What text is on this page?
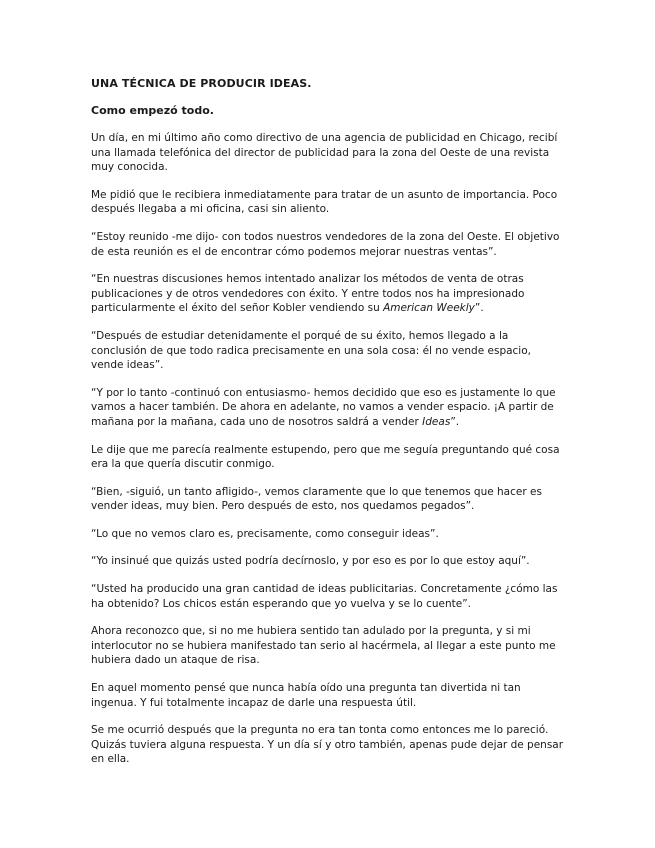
UNA TÉCNICA DE PRODUCIR IDEAS.

Como empezó todo.

Un día, en mi último año como directivo de una agencia de publicidad en Chicago, recibí una llamada telefónica del director de publicidad para la zona del Oeste de una revista muy conocida.

Me pidió que le recibiera inmediatamente para tratar de un asunto de importancia. Poco después llegaba a mi oficina, casi sin aliento.

“Estoy reunido -me dijo- con todos nuestros vendedores de la zona del Oeste. El objetivo de esta reunión es el de encontrar cómo podemos mejorar nuestras ventas”.

“En nuestras discusiones hemos intentado analizar los métodos de venta de otras publicaciones y de otros vendedores con éxito. Y entre todos nos ha impresionado particularmente el éxito del señor Kobler vendiendo su American Weekly”.

“Después de estudiar detenidamente el porqué de su éxito, hemos llegado a la conclusión de que todo radica precisamente en una sola cosa: él no vende espacio, vende ideas”.

“Y por lo tanto -continuó con entusiasmo- hemos decidido que eso es justamente lo que vamos a hacer también. De ahora en adelante, no vamos a vender espacio. ¡A partir de mañana por la mañana, cada uno de nosotros saldrá a vender Ideas”.

Le dije que me parecía realmente estupendo, pero que me seguía preguntando qué cosa era la que quería discutir conmigo.

“Bien, -siguió, un tanto afligido-, vemos claramente que lo que tenemos que hacer es vender ideas, muy bien. Pero después de esto, nos quedamos pegados”.

“Lo que no vemos claro es, precisamente, como conseguir ideas”.

“Yo insinué que quizás usted podría decírnoslo, y por eso es por lo que estoy aquí”.

“Usted ha producido una gran cantidad de ideas publicitarias. Concretamente ¿cómo las ha obtenido? Los chicos están esperando que yo vuelva y se lo cuente”.

Ahora reconozco que, si no me hubiera sentido tan adulado por la pregunta, y si mi interlocutor no se hubiera manifestado tan serio al hacérmela, al llegar a este punto me hubiera dado un ataque de risa.

En aquel momento pensé que nunca había oído una pregunta tan divertida ni tan ingenua. Y fui totalmente incapaz de darle una respuesta útil.

Se me ocurrió después que la pregunta no era tan tonta como entonces me lo pareció. Quizás tuviera alguna respuesta. Y un día sí y otro también, apenas pude dejar de pensar en ella.
